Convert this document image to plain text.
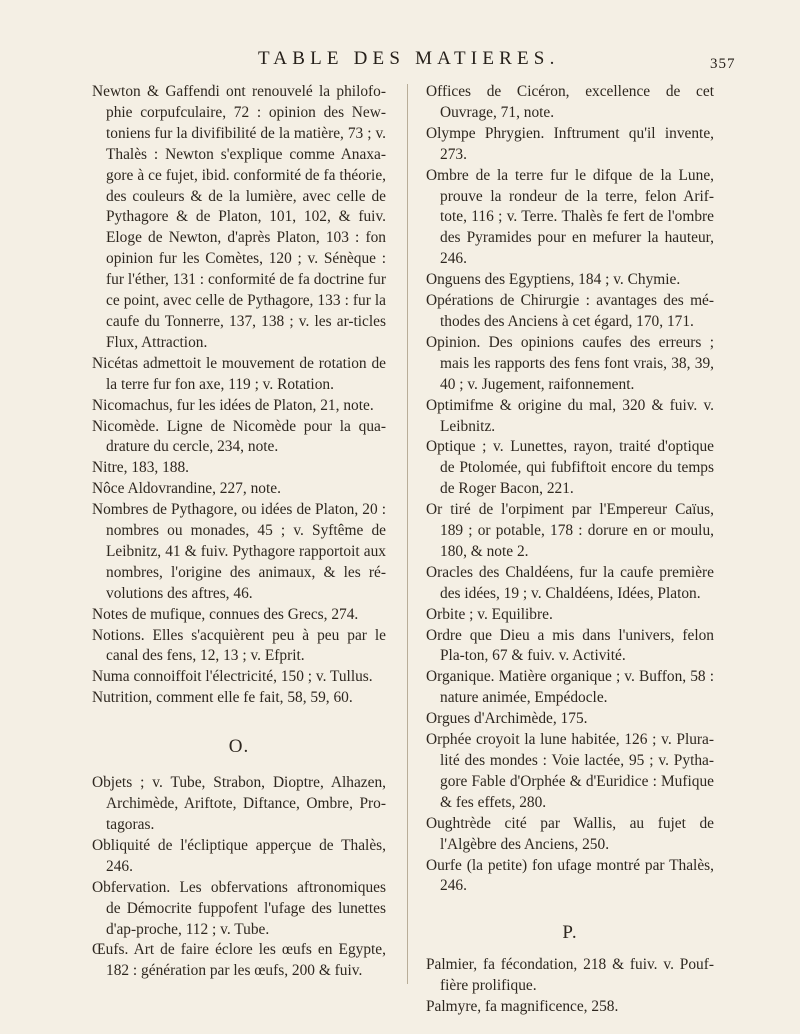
TABLE DES MATIERES.	357

Newton & Gaffendi ont renouvelé la philofo-phie corpufculaire, 72 : opinion des New-toniens fur la divifibilité de la matière, 73 ; v. Thalès : Newton s'explique comme Anaxa-gore à ce fujet, ibid. conformité de fa théorie, des couleurs & de la lumière, avec celle de Pythagore & de Platon, 101, 102, & fuiv. Eloge de Newton, d'après Platon, 103 : fon opinion fur les Comètes, 120 ; v. Sénèque : fur l'éther, 131 : conformité de fa doctrine fur ce point, avec celle de Pythagore, 133 : fur la caufe du Tonnerre, 137, 138 ; v. les ar-ticles Flux, Attraction.

Nicétas admettoit le mouvement de rotation de la terre fur fon axe, 119 ; v. Rotation.

Nicomachus, fur les idées de Platon, 21, note.

Nicomède. Ligne de Nicomède pour la qua-drature du cercle, 234, note.

Nitre, 183, 188.

Nôce Aldovrandine, 227, note.

Nombres de Pythagore, ou idées de Platon, 20 : nombres ou monades, 45 ; v. Syftême de Leibnitz, 41 & fuiv. Pythagore rapportoit aux nombres, l'origine des animaux, & les ré-volutions des aftres, 46.

Notes de mufique, connues des Grecs, 274.

Notions. Elles s'acquièrent peu à peu par le canal des fens, 12, 13 ; v. Efprit.

Numa connoiffoit l'électricité, 150 ; v. Tullus.

Nutrition, comment elle fe fait, 58, 59, 60.

O.

Objets ; v. Tube, Strabon, Dioptre, Alhazen, Archimède, Ariftote, Diftance, Ombre, Pro-tagoras.

Obliquité de l'écliptique apperçue de Thalès, 246.

Obfervation. Les obfervations aftronomiques de Démocrite fuppofent l'ufage des lunettes d'ap-proche, 112 ; v. Tube.

Œufs. Art de faire éclore les œufs en Egypte, 182 : génération par les œufs, 200 & fuiv.

Offices de Cicéron, excellence de cet Ouvrage, 71, note.

Olympe Phrygien. Inftrument qu'il invente, 273.

Ombre de la terre fur le difque de la Lune, prouve la rondeur de la terre, felon Arif-tote, 116 ; v. Terre. Thalès fe fert de l'ombre des Pyramides pour en mefurer la hauteur, 246.

Onguens des Egyptiens, 184 ; v. Chymie.

Opérations de Chirurgie : avantages des mé-thodes des Anciens à cet égard, 170, 171.

Opinion. Des opinions caufes des erreurs ; mais les rapports des fens font vrais, 38, 39, 40 ; v. Jugement, raifonnement.

Optimifme & origine du mal, 320 & fuiv. v. Leibnitz.

Optique ; v. Lunettes, rayon, traité d'optique de Ptolomée, qui fubfiftoit encore du temps de Roger Bacon, 221.

Or tiré de l'orpiment par l'Empereur Caïus, 189 ; or potable, 178 : dorure en or moulu, 180, & note 2.

Oracles des Chaldéens, fur la caufe première des idées, 19 ; v. Chaldéens, Idées, Platon.

Orbite ; v. Equilibre.

Ordre que Dieu a mis dans l'univers, felon Pla-ton, 67 & fuiv. v. Activité.

Organique. Matière organique ; v. Buffon, 58 : nature animée, Empédocle.

Orgues d'Archimède, 175.

Orphée croyoit la lune habitée, 126 ; v. Plura-lité des mondes : Voie lactée, 95 ; v. Pytha-gore Fable d'Orphée & d'Euridice : Mufique & fes effets, 280.

Oughtrède cité par Wallis, au fujet de l'Algèbre des Anciens, 250.

Ourfe (la petite) fon ufage montré par Thalès, 246.

P.

Palmier, fa fécondation, 218 & fuiv. v. Pouf-fière prolifique.

Palmyre, fa magnificence, 258.
